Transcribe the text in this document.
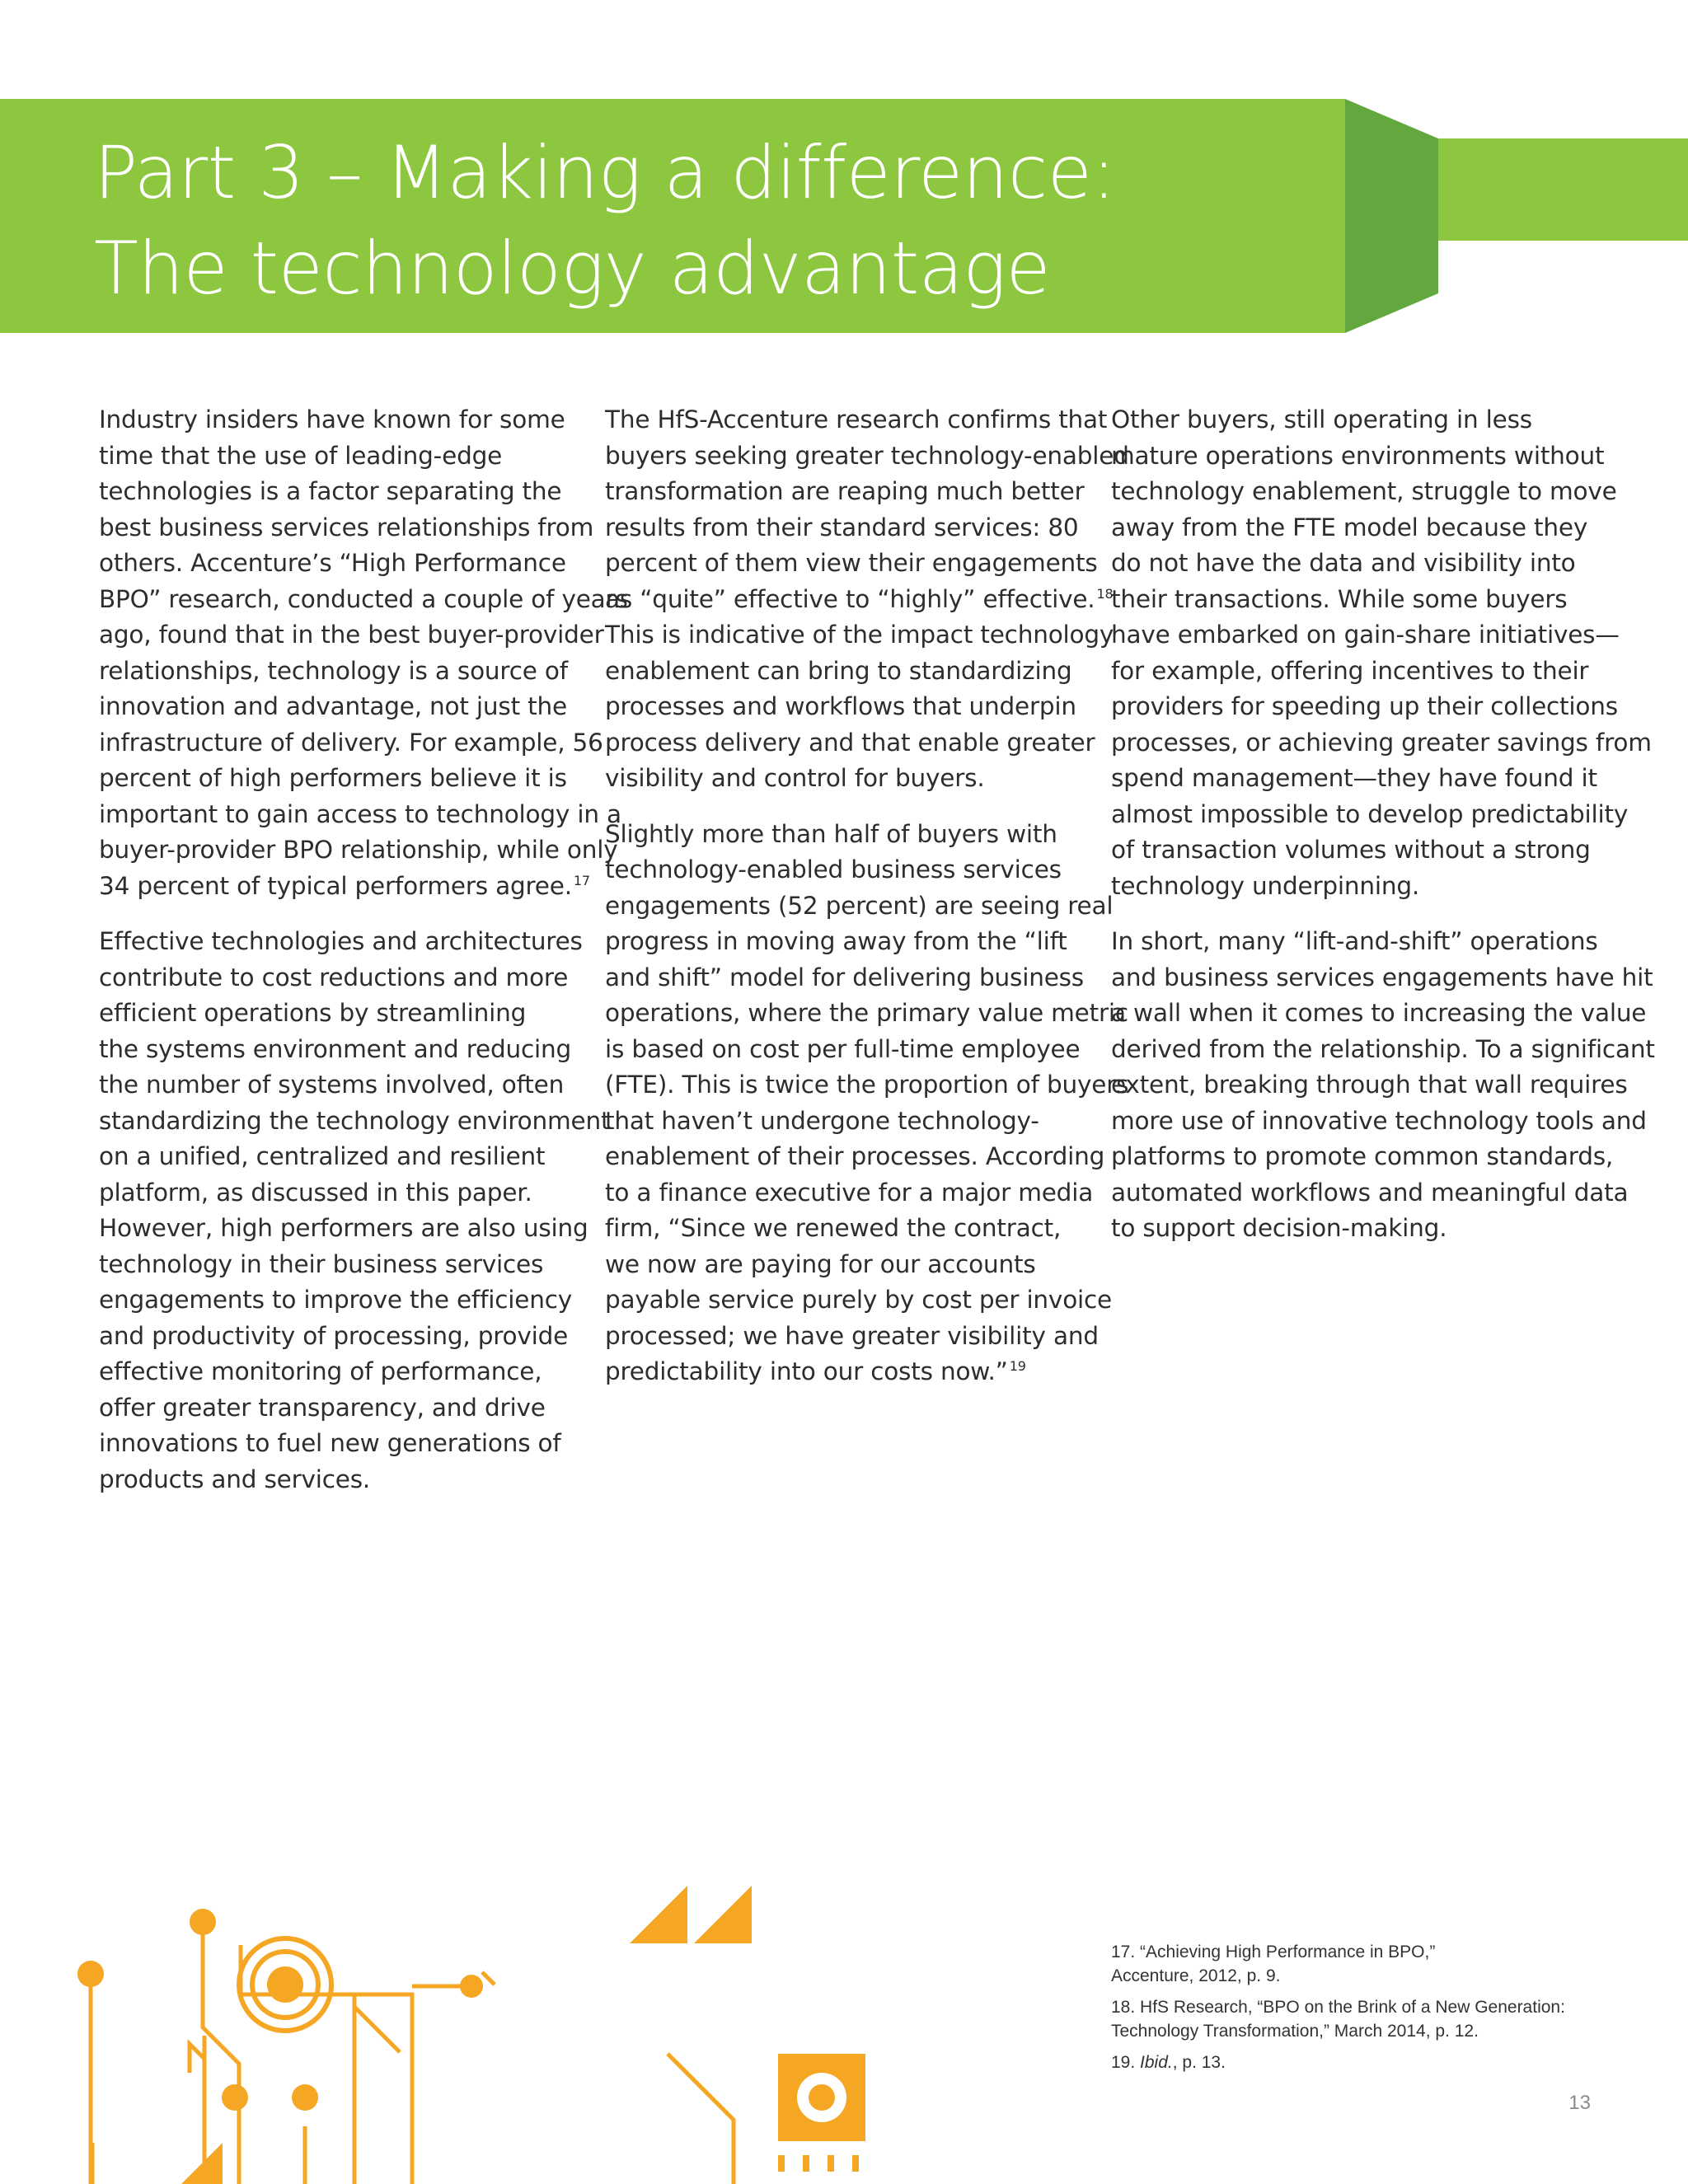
Part 3 – Making a difference:
The technology advantage

Industry insiders have known for some
time that the use of leading-edge
technologies is a factor separating the
best business services relationships from
others. Accenture’s “High Performance
BPO” research, conducted a couple of years
ago, found that in the best buyer-provider
relationships, technology is a source of
innovation and advantage, not just the
infrastructure of delivery. For example, 56
percent of high performers believe it is
important to gain access to technology in a
buyer-provider BPO relationship, while only
34 percent of typical performers agree. $^{17}$

Effective technologies and architectures
contribute to cost reductions and more
efficient operations by streamlining
the systems environment and reducing
the number of systems involved, often
standardizing the technology environment
on a unified, centralized and resilient
platform, as discussed in this paper.
However, high performers are also using
technology in their business services
engagements to improve the efficiency
and productivity of processing, provide
effective monitoring of performance,
offer greater transparency, and drive
innovations to fuel new generations of
products and services.

The HfS-Accenture research confirms that
buyers seeking greater technology-enabled
transformation are reaping much better
results from their standard services: 80
percent of them view their engagements
as “quite” effective to “highly” effective. $^{18}$
This is indicative of the impact technology
enablement can bring to standardizing
processes and workflows that underpin
process delivery and that enable greater
visibility and control for buyers.

Slightly more than half of buyers with
technology-enabled business services
engagements (52 percent) are seeing real
progress in moving away from the “lift
and shift” model for delivering business
operations, where the primary value metric
is based on cost per full-time employee
(FTE). This is twice the proportion of buyers
that haven’t undergone technology-
enablement of their processes. According
to a finance executive for a major media
firm, “Since we renewed the contract,
we now are paying for our accounts
payable service purely by cost per invoice
processed; we have greater visibility and
predictability into our costs now.” $^{19}$

Other buyers, still operating in less
mature operations environments without
technology enablement, struggle to move
away from the FTE model because they
do not have the data and visibility into
their transactions. While some buyers
have embarked on gain-share initiatives—
for example, offering incentives to their
providers for speeding up their collections
processes, or achieving greater savings from
spend management—they have found it
almost impossible to develop predictability
of transaction volumes without a strong
technology underpinning.

In short, many “lift-and-shift” operations
and business services engagements have hit
a wall when it comes to increasing the value
derived from the relationship. To a significant
extent, breaking through that wall requires
more use of innovative technology tools and
platforms to promote common standards,
automated workflows and meaningful data
to support decision-making.

17. “Achieving High Performance in BPO,”
Accenture, 2012, p. 9.
18. HfS Research, “BPO on the Brink of a New Generation:
Technology Transformation,” March 2014, p. 12.
19. Ibid., p. 13.
13
